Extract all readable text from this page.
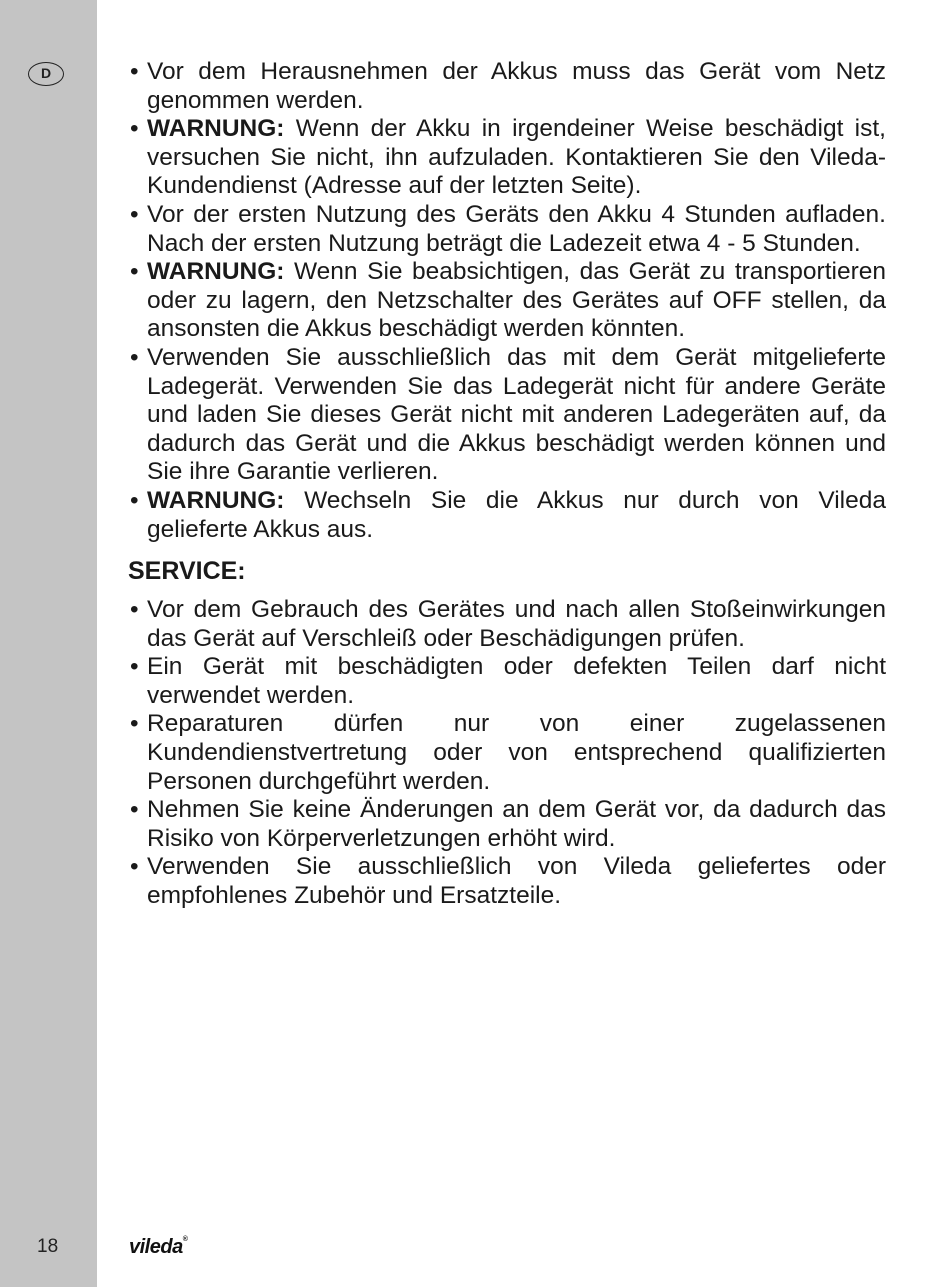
D
18
• Vor dem Herausnehmen der Akkus muss das Gerät vom Netz genommen werden.
• WARNUNG: Wenn der Akku in irgendeiner Weise beschädigt ist, versuchen Sie nicht, ihn aufzuladen. Kontaktieren Sie den Vileda-Kundendienst (Adresse auf der letzten Seite).
• Vor der ersten Nutzung des Geräts den Akku 4 Stunden aufladen. Nach der ersten Nutzung beträgt die Ladezeit etwa 4 - 5 Stunden.
• WARNUNG: Wenn Sie beabsichtigen, das Gerät zu transportieren oder zu lagern, den Netzschalter des Gerätes auf OFF stellen, da ansonsten die Akkus beschädigt werden könnten.
• Verwenden Sie ausschließlich das mit dem Gerät mitgelieferte Ladegerät. Verwenden Sie das Ladegerät nicht für andere Geräte und laden Sie dieses Gerät nicht mit anderen Ladegeräten auf, da dadurch das Gerät und die Akkus beschädigt werden können und Sie ihre Garantie verlieren.
• WARNUNG: Wechseln Sie die Akkus nur durch von Vileda gelieferte Akkus aus.
SERVICE:
• Vor dem Gebrauch des Gerätes und nach allen Stoßeinwirkungen das Gerät auf Verschleiß oder Beschädigungen prüfen.
• Ein Gerät mit beschädigten oder defekten Teilen darf nicht verwendet werden.
• Reparaturen dürfen nur von einer zugelassenen Kundendienstvertretung oder von entsprechend qualifizierten Personen durchgeführt werden.
• Nehmen Sie keine Änderungen an dem Gerät vor, da dadurch das Risiko von Körperverletzungen erhöht wird.
• Verwenden Sie ausschließlich von Vileda geliefertes oder empfohlenes Zubehör und Ersatzteile.
vileda®
